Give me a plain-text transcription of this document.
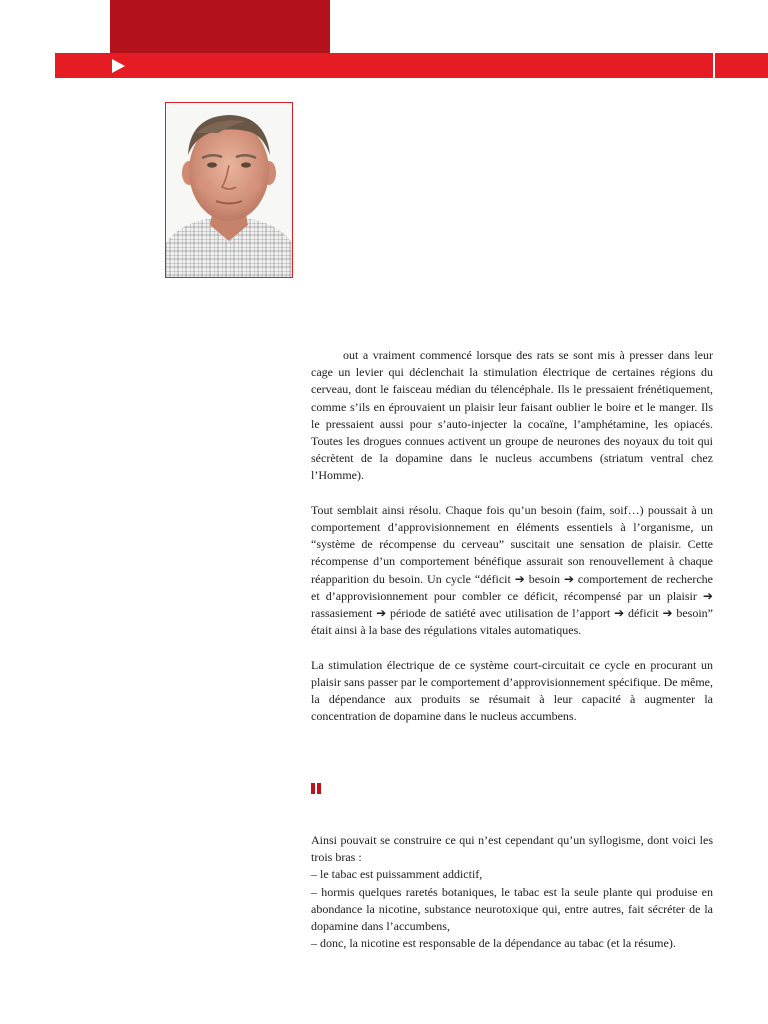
out a vraiment commencé lorsque des rats se sont mis à presser dans leur cage un levier qui déclenchait la stimulation électrique de certaines régions du cerveau, dont le faisceau médian du télencéphale. Ils le pressaient frénétiquement, comme s’ils en éprouvaient un plaisir leur faisant oublier le boire et le manger. Ils le pressaient aussi pour s’auto-injecter la cocaïne, l’amphétamine, les opiacés. Toutes les drogues connues activent un groupe de neurones des noyaux du toit qui sécrètent de la dopamine dans le nucleus accumbens (striatum ventral chez l’Homme).

Tout semblait ainsi résolu. Chaque fois qu’un besoin (faim, soif…) poussait à un comportement d’approvisionnement en éléments essentiels à l’organisme, un “système de récompense du cerveau” suscitait une sensation de plaisir. Cette récompense d’un comportement bénéfique assurait son renouvellement à chaque réapparition du besoin. Un cycle “déficit ➔ besoin ➔ comportement de recherche et d’approvisionnement pour combler ce déficit, récompensé par un plaisir ➔ rassasiement ➔ période de satiété avec utilisation de l’apport ➔ déficit ➔ besoin” était ainsi à la base des régulations vitales automatiques.

La stimulation électrique de ce système court-circuitait ce cycle en procurant un plaisir sans passer par le comportement d’approvisionnement spécifique. De même, la dépendance aux produits se résumait à leur capacité à augmenter la concentration de dopamine dans le nucleus accumbens.

Ainsi pouvait se construire ce qui n’est cependant qu’un syllogisme, dont voici les trois bras :

– le tabac est puissamment addictif,

– hormis quelques raretés botaniques, le tabac est la seule plante qui produise en abondance la nicotine, substance neurotoxique qui, entre autres, fait sécréter de la dopamine dans l’accumbens,

– donc, la nicotine est responsable de la dépendance au tabac (et la résume).
